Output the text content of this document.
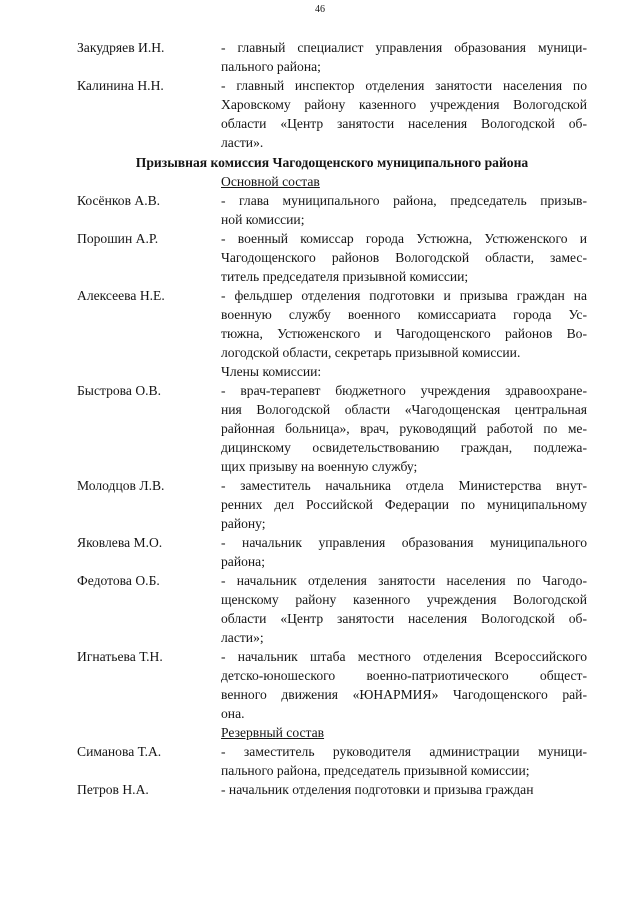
46
Закудряев И.Н.	- главный специалист управления образования муници-
пального района;
Калинина Н.Н.	- главный инспектор отделения занятости населения по
Харовскому району казенного учреждения Вологодской
области «Центр занятости населения Вологодской об-
ласти».
Призывная комиссия Чагодощенского муниципального района
Основной состав
Косёнков А.В.	- глава муниципального района, председатель призыв-
ной комиссии;
Порошин А.Р.	- военный комиссар города Устюжна, Устюженского и
Чагодощенского районов Вологодской области, замес-
титель председателя призывной комиссии;
Алексеева Н.Е.	- фельдшер отделения подготовки и призыва граждан на
военную службу военного комиссариата города Ус-
тюжна, Устюженского и Чагодощенского районов Во-
логодской области, секретарь призывной комиссии.
Члены комиссии:
Быстрова О.В.	- врач-терапевт бюджетного учреждения здравоохране-
ния Вологодской области «Чагодощенская центральная
районная больница», врач, руководящий работой по ме-
дицинскому освидетельствованию граждан, подлежа-
щих призыву на военную службу;
Молодцов Л.В.	- заместитель начальника отдела Министерства внут-
ренних дел Российской Федерации по муниципальному
району;
Яковлева М.О.	- начальник управления образования муниципального
района;
Федотова О.Б.	- начальник отделения занятости населения по Чагодо-
щенскому району казенного учреждения Вологодской
области «Центр занятости населения Вологодской об-
ласти»;
Игнатьева Т.Н.	- начальник штаба местного отделения Всероссийского
детско-юношеского военно-патриотического общест-
венного движения «ЮНАРМИЯ» Чагодощенского рай-
она.
Резервный состав
Симанова Т.А.	- заместитель руководителя администрации муници-
пального района, председатель призывной комиссии;
Петров Н.А.	- начальник отделения подготовки и призыва граждан
